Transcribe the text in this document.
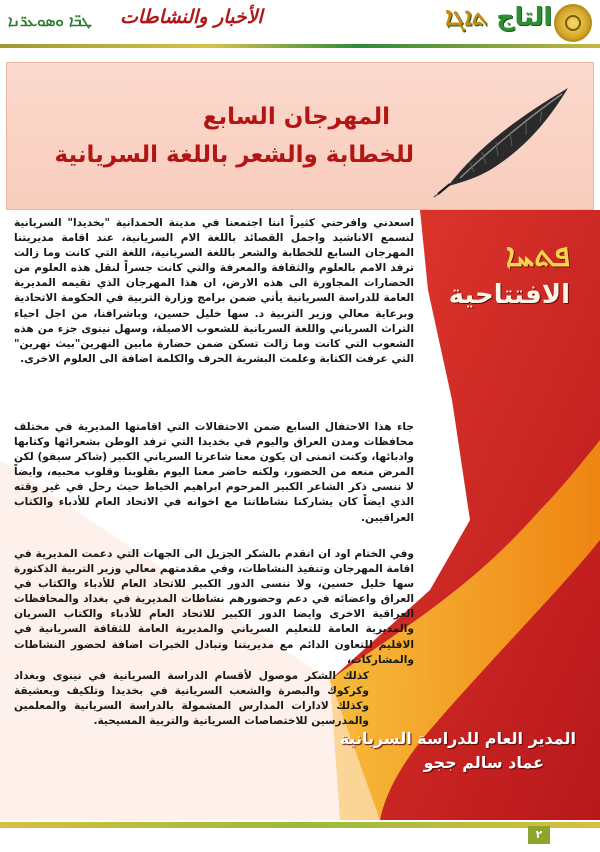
التاج ܬܐܓܐ
الأخبار والنشاطات
ܛܒ̈ܐ ܘܣܘܥܪ̈ܢܐ
المهرجان السابع
للخطابة والشعر باللغة السريانية
ܦܬܚܐ
الافتتاحية
اسعدني وافرحني كثيراً اننا اجتمعنا في مدينة الحمدانية "بخديدا" السريانية لنسمع الاناشيد واجمل القصائد باللغة الام السريانية، عند اقامة مديريتنا المهرجان السابع للخطابة والشعر باللغة السريانية، اللغة التي كانت وما زالت ترفد الامم بالعلوم والثقافة والمعرفة والتي كانت جسراً لنقل هذه العلوم من الحضارات المجاورة الى هذه الارض، ان هذا المهرجان الذي تقيمه المديرية العامة للدراسة السريانية يأتي ضمن برامج وزارة التربية في الحكومة الاتحادية وبرعاية معالي وزير التربية د. سها خليل حسين، وباشرافنا، من اجل احياء التراث السرياني واللغة السريانية للشعوب الاصيلة، وسهل نينوى جزء من هذه الشعوب التي كانت وما زالت تسكن ضمن حضارة مابين النهرين"بيث نهرين" التي عرفت الكتابة وعلمت البشرية الحرف والكلمة اضافة الى العلوم الاخرى.
جاء هذا الاحتفال السابع ضمن الاحتفالات التي اقامتها المديرية في مختلف محافظات ومدن العراق واليوم في بخديدا التي ترفد الوطن بشعرائها وكتابها وادبائها، وكنت اتمنى ان يكون معنا شاعرنا السرياني الكبير (شاكر سيفو) لكن المرض منعه من الحضور، ولكنه حاضر معنا اليوم بقلوبنا وقلوب محبيه، وايضاً لا ننسى ذكر الشاعر الكبير المرحوم ابراهيم الخياط حيث رحل في غير وقته الذي ايضاً كان يشاركنا نشاطاتنا مع اخوانه في الاتحاد العام للأدباء والكتاب العراقيين.
وفي الختام اود ان اتقدم بالشكر الجزيل الى الجهات التي دعمت المديرية في اقامة المهرجان وتنفيذ النشاطات، وفي مقدمتهم معالي وزير التربية الدكتورة سها خليل حسين، ولا ننسى الدور الكبير للاتحاد العام للأدباء والكتاب في العراق واعضائه في دعم وحضورهم نشاطات المديرية في بغداد والمحافظات العراقية الاخرى وايضا الدور الكبير للاتحاد العام للأدباء والكتاب السريان والمديرية العامة للتعليم السرياني والمديرية العامة للثقافة السريانية في الاقليم للتعاون الدائم مع مديريتنا وتبادل الخبرات اضافة لحضور النشاطات والمشاركات،
كذلك الشكر موصول لأقسام الدراسة السريانية في نينوى وبغداد وكركوك والبصرة والشعب السريانية في بخديدا وتلكيف وبعشيقة وكذلك لادارات المدارس المشمولة بالدراسة السريانية والمعلمين والمدرسين للاختصاصات السريانية والتربية المسيحية.
المدير العام للدراسة السريانية
عماد سالم ججو
٢
